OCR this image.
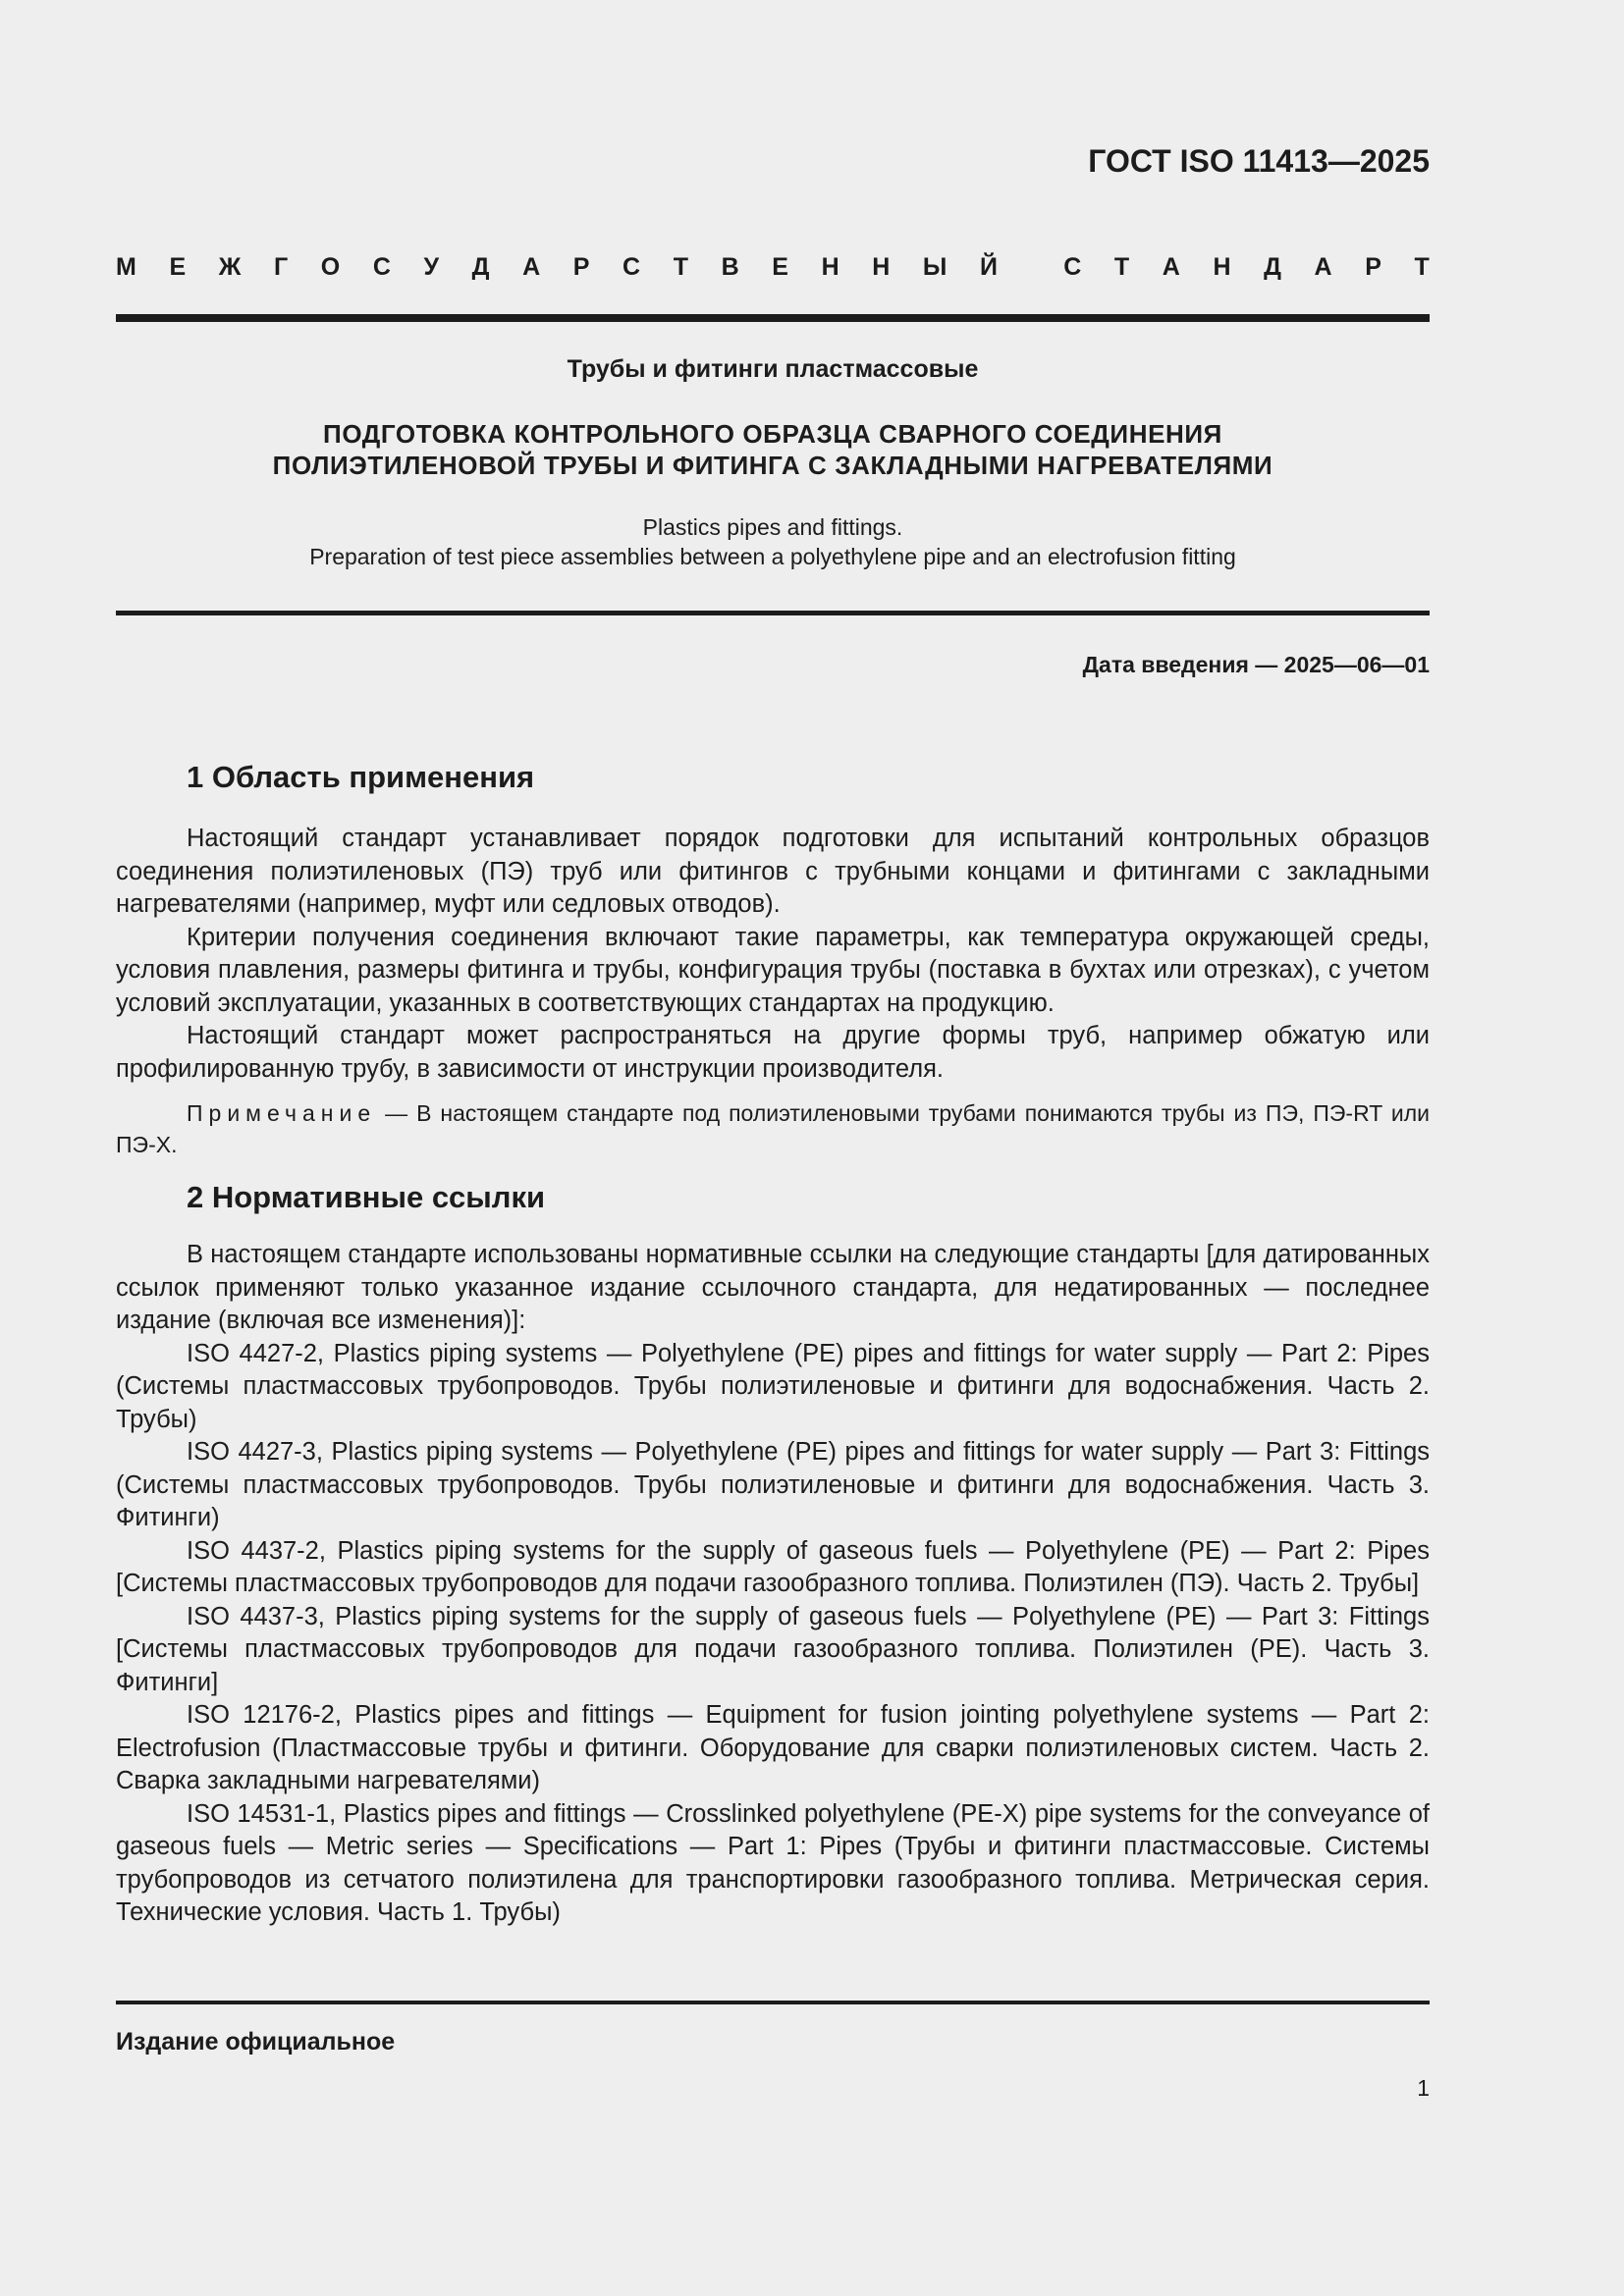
ГОСТ ISO 11413—2025
М Е Ж Г О С У Д А Р С Т В Е Н Н Ы Й	С Т А Н Д А Р Т
Трубы и фитинги пластмассовые
ПОДГОТОВКА КОНТРОЛЬНОГО ОБРАЗЦА СВАРНОГО СОЕДИНЕНИЯ
ПОЛИЭТИЛЕНОВОЙ ТРУБЫ И ФИТИНГА С ЗАКЛАДНЫМИ НАГРЕВАТЕЛЯМИ
Plastics pipes and fittings.
Preparation of test piece assemblies between a polyethylene pipe and an electrofusion fitting
Дата введения — 2025—06—01
1 Область применения

Настоящий стандарт устанавливает порядок подготовки для испытаний контрольных образцов соединения полиэтиленовых (ПЭ) труб или фитингов с трубными концами и фитингами с закладными нагревателями (например, муфт или седловых отводов).

Критерии получения соединения включают такие параметры, как температура окружающей среды, условия плавления, размеры фитинга и трубы, конфигурация трубы (поставка в бухтах или отрезках), с учетом условий эксплуатации, указанных в соответствующих стандартах на продукцию.

Настоящий стандарт может распространяться на другие формы труб, например обжатую или профилированную трубу, в зависимости от инструкции производителя.

Примечание — В настоящем стандарте под полиэтиленовыми трубами понимаются трубы из ПЭ, ПЭ-RT или ПЭ-Х.

2 Нормативные ссылки

В настоящем стандарте использованы нормативные ссылки на следующие стандарты [для датированных ссылок применяют только указанное издание ссылочного стандарта, для недатированных — последнее издание (включая все изменения)]:

ISO 4427-2, Plastics piping systems — Polyethylene (PE) pipes and fittings for water supply — Part 2: Pipes (Системы пластмассовых трубопроводов. Трубы полиэтиленовые и фитинги для водоснабжения. Часть 2. Трубы)

ISO 4427-3, Plastics piping systems — Polyethylene (PE) pipes and fittings for water supply — Part 3: Fittings (Системы пластмассовых трубопроводов. Трубы полиэтиленовые и фитинги для водоснабжения. Часть 3. Фитинги)

ISO 4437-2, Plastics piping systems for the supply of gaseous fuels — Polyethylene (PE) — Part 2: Pipes [Системы пластмассовых трубопроводов для подачи газообразного топлива. Полиэтилен (ПЭ). Часть 2. Трубы]

ISO 4437-3, Plastics piping systems for the supply of gaseous fuels — Polyethylene (PE) — Part 3: Fittings [Системы пластмассовых трубопроводов для подачи газообразного топлива. Полиэтилен (PE). Часть 3. Фитинги]

ISO 12176-2, Plastics pipes and fittings — Equipment for fusion jointing polyethylene systems — Part 2: Electrofusion (Пластмассовые трубы и фитинги. Оборудование для сварки полиэтиленовых систем. Часть 2. Сварка закладными нагревателями)

ISO 14531-1, Plastics pipes and fittings — Crosslinked polyethylene (PE-X) pipe systems for the conveyance of gaseous fuels — Metric series — Specifications — Part 1: Pipes (Трубы и фитинги пластмассовые. Системы трубопроводов из сетчатого полиэтилена для транспортировки газообразного топлива. Метрическая серия. Технические условия. Часть 1. Трубы)

Издание официальное
1
